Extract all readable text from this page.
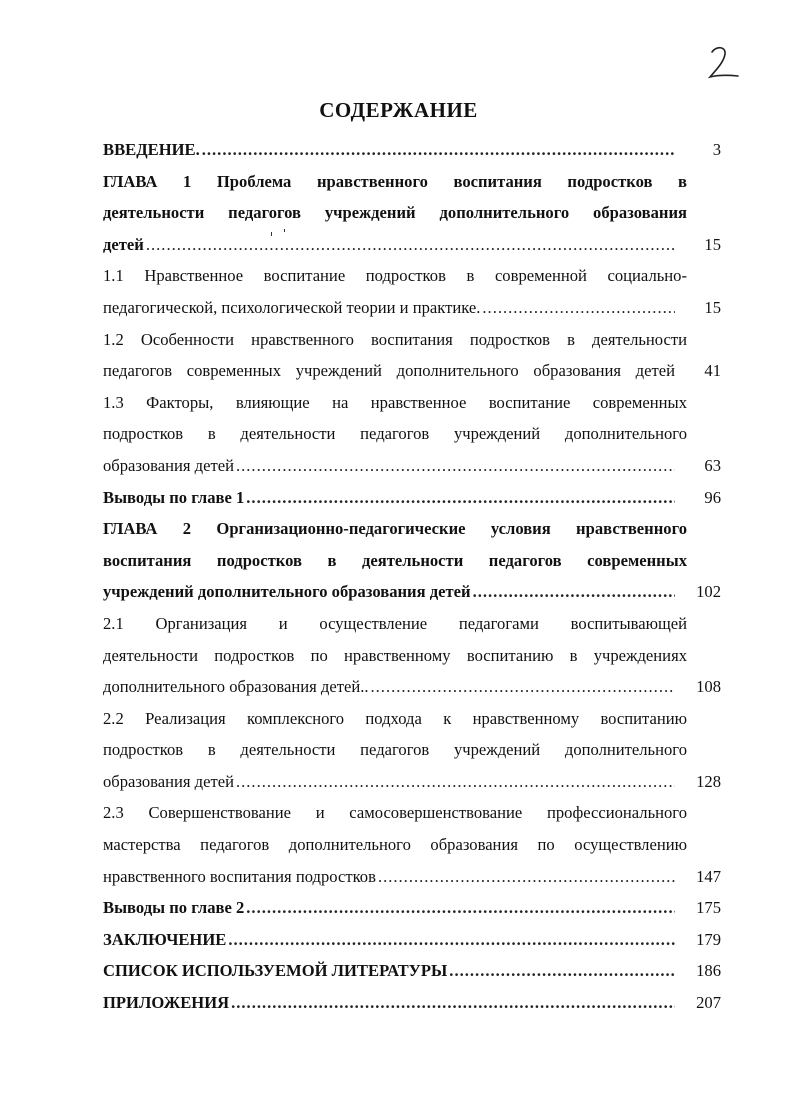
СОДЕРЖАНИЕ
ВВЕДЕНИЕ. .....	3
ГЛАВА 1 Проблема нравственного воспитания подростков в
деятельности педагогов учреждений дополнительного образования
детей .....	15
1.1 Нравственное воспитание подростков в современной социально-
педагогической, психологической теории и практике. .....	15
1.2 Особенности нравственного воспитания подростков в деятельности
педагогов современных учреждений дополнительного образования детей	41
1.3 Факторы, влияющие на нравственное воспитание современных
подростков в деятельности педагогов учреждений дополнительного
образования детей .....	63
Выводы по главе 1 .....	96
ГЛАВА 2 Организационно-педагогические условия нравственного
воспитания подростков в деятельности педагогов современных
учреждений дополнительного образования детей .....	102
2.1 Организация и осуществление педагогами воспитывающей
деятельности подростков по нравственному воспитанию в учреждениях
дополнительного образования детей.. .....	108
2.2 Реализация комплексного подхода к нравственному воспитанию
подростков в деятельности педагогов учреждений дополнительного
образования детей .....	128
2.3 Совершенствование и самосовершенствование профессионального
мастерства педагогов дополнительного образования по осуществлению
нравственного воспитания подростков .....	147
Выводы по главе 2 .....	175
ЗАКЛЮЧЕНИЕ .....	179
СПИСОК ИСПОЛЬЗУЕМОЙ ЛИТЕРАТУРЫ .....	186
ПРИЛОЖЕНИЯ .....	207
